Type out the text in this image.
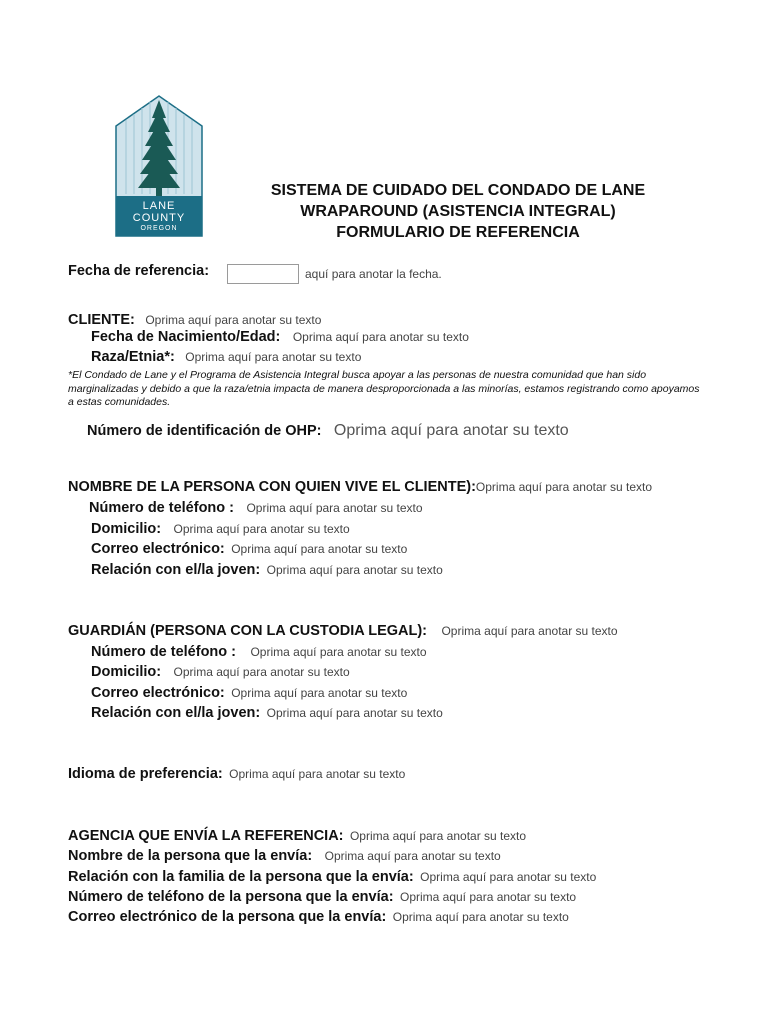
LANE
COUNTY
OREGON
SISTEMA DE CUIDADO DEL CONDADO DE LANE
WRAPAROUND (ASISTENCIA INTEGRAL)
FORMULARIO DE REFERENCIA
Fecha de referencia:	aquí para anotar la fecha.
CLIENTE: Oprima aquí para anotar su texto
Fecha de Nacimiento/Edad: Oprima aquí para anotar su texto
Raza/Etnia*: Oprima aquí para anotar su texto
*El Condado de Lane y el Programa de Asistencia Integral busca apoyar a las personas de nuestra comunidad que han sido marginalizadas y debido a que la raza/etnia impacta de manera desproporcionada a las minorías, estamos registrando como apoyamos a estas comunidades.
Número de identificación de OHP: Oprima aquí para anotar su texto
NOMBRE DE LA PERSONA CON QUIEN VIVE EL CLIENTE):Oprima aquí para anotar su texto
Número de teléfono : Oprima aquí para anotar su texto
Domicilio: Oprima aquí para anotar su texto
Correo electrónico: Oprima aquí para anotar su texto
Relación con el/la joven: Oprima aquí para anotar su texto
GUARDIÁN (PERSONA CON LA CUSTODIA LEGAL): Oprima aquí para anotar su texto
Número de teléfono : Oprima aquí para anotar su texto
Domicilio: Oprima aquí para anotar su texto
Correo electrónico: Oprima aquí para anotar su texto
Relación con el/la joven: Oprima aquí para anotar su texto
Idioma de preferencia: Oprima aquí para anotar su texto
AGENCIA QUE ENVÍA LA REFERENCIA: Oprima aquí para anotar su texto
Nombre de la persona que la envía: Oprima aquí para anotar su texto
Relación con la familia de la persona que la envía: Oprima aquí para anotar su texto
Número de teléfono de la persona que la envía: Oprima aquí para anotar su texto
Correo electrónico de la persona que la envía: Oprima aquí para anotar su texto
